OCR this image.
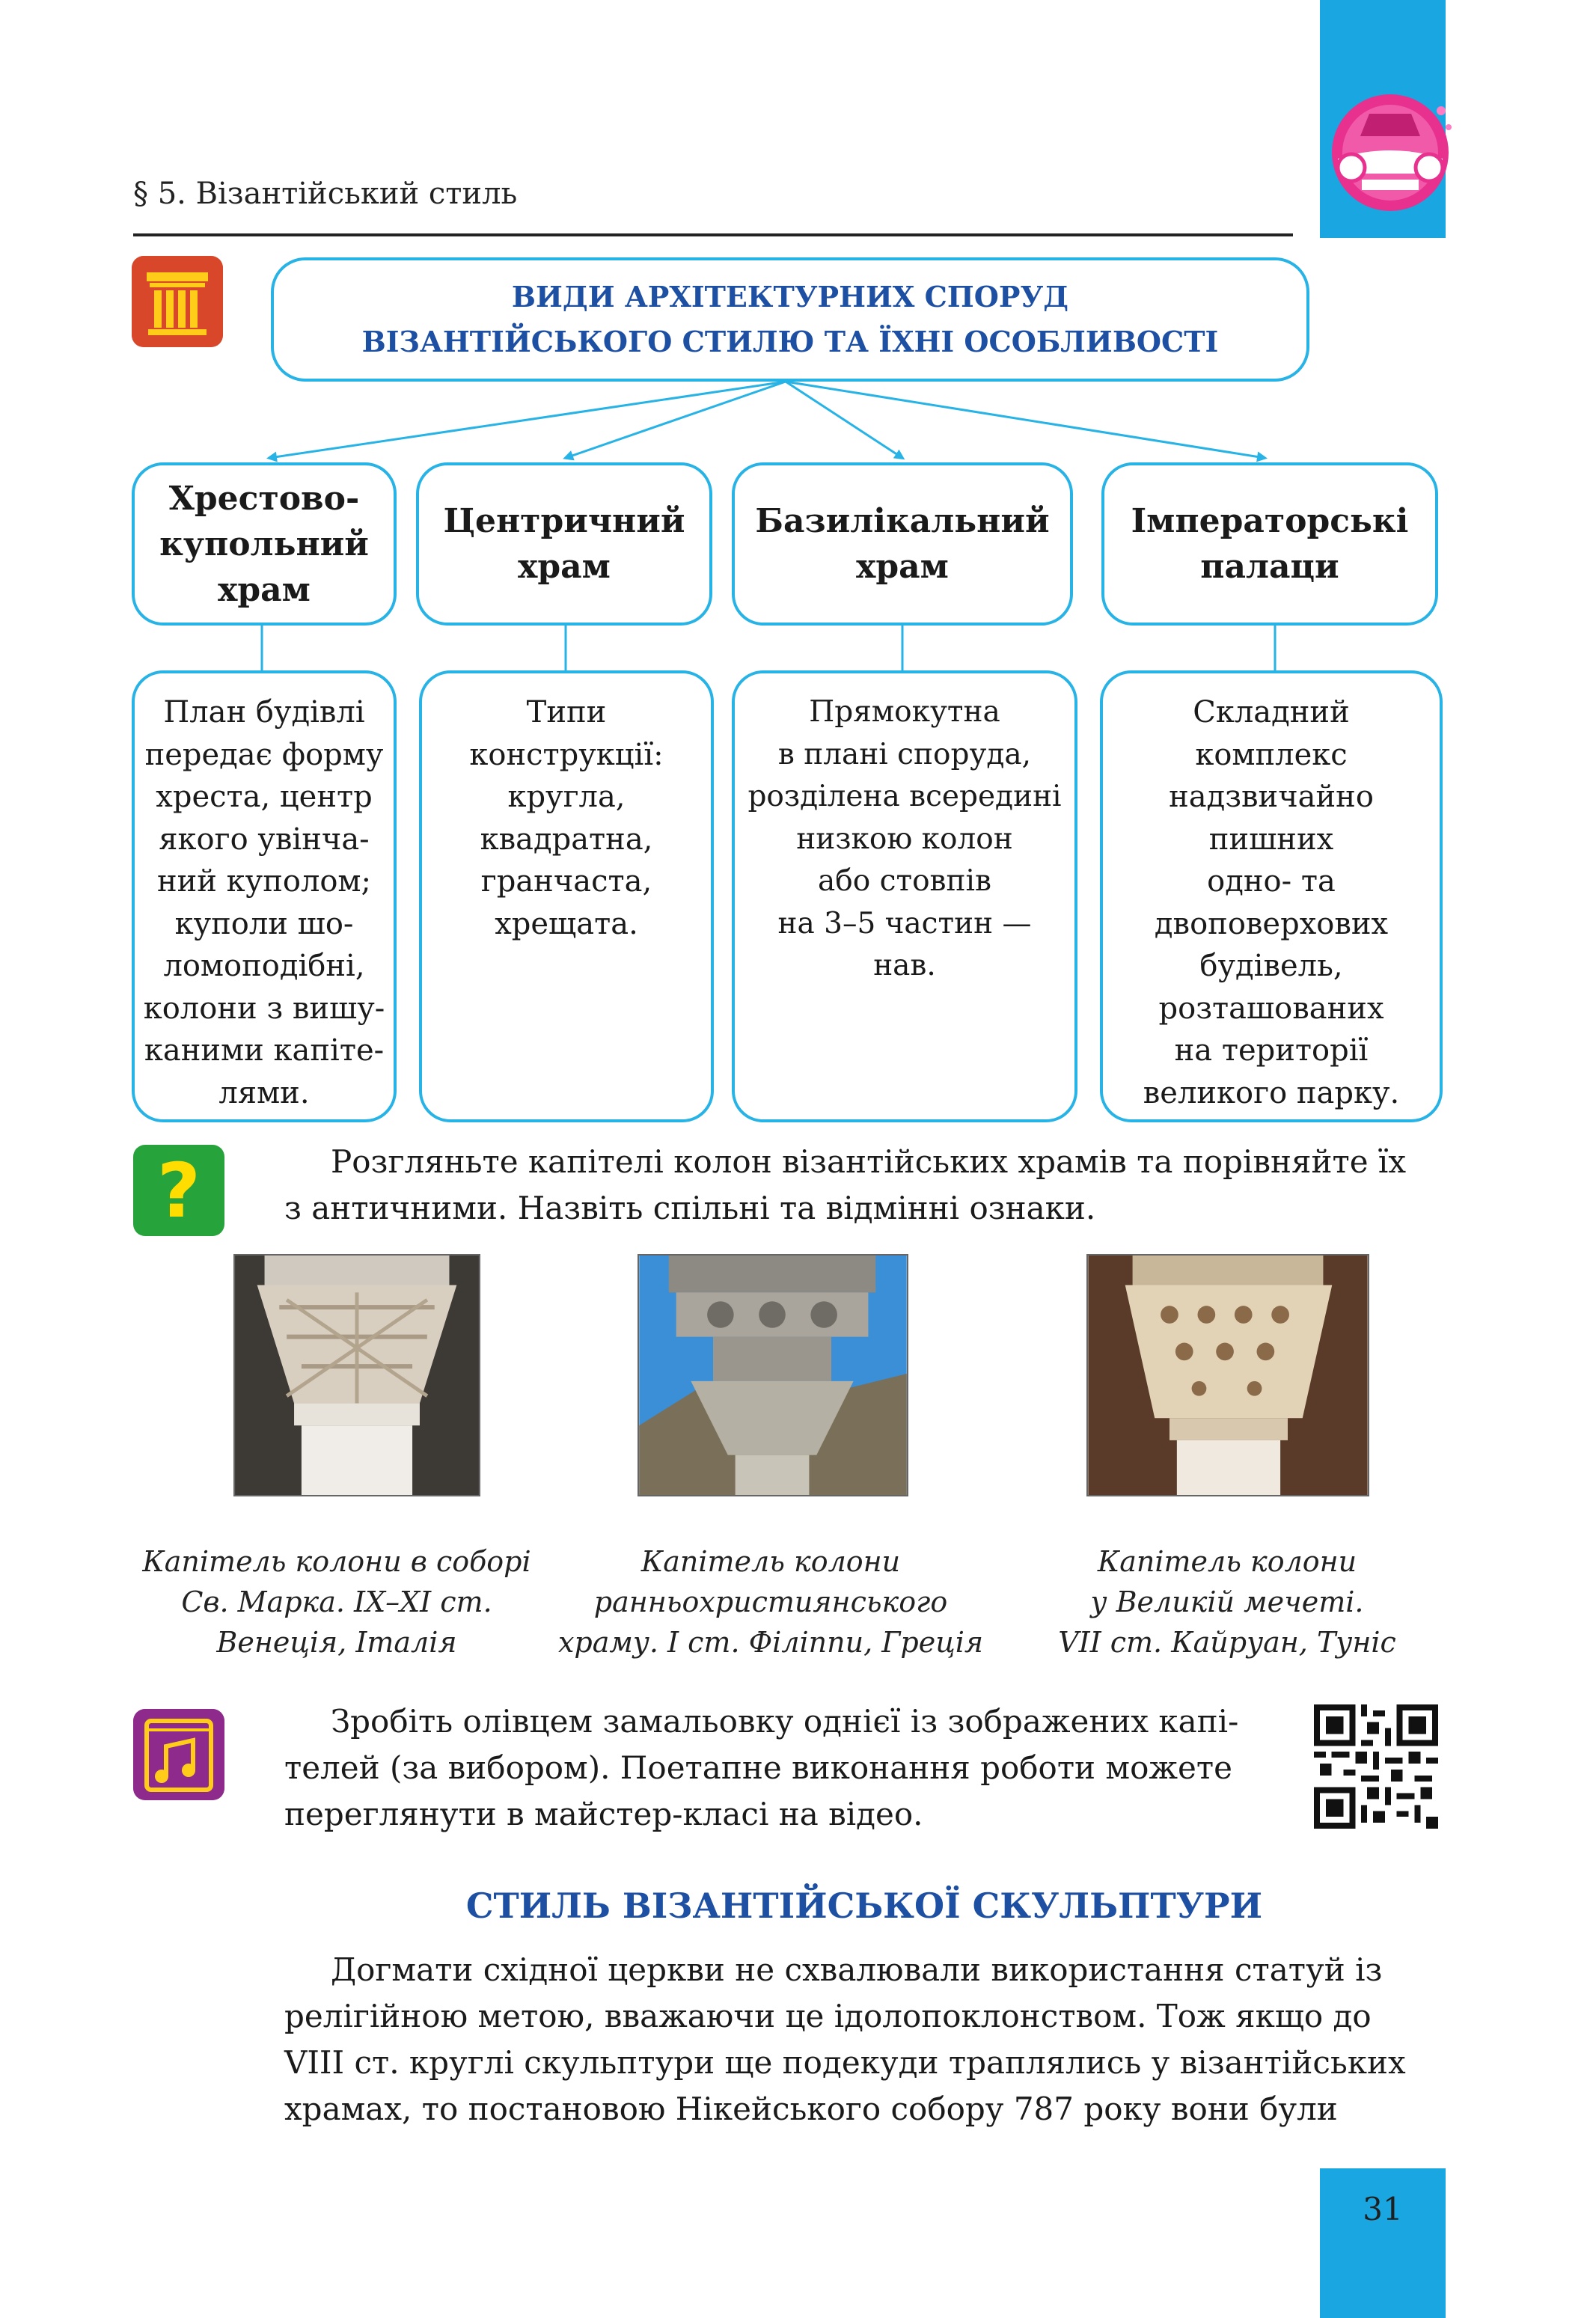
§ 5. Візантійський стиль
ВИДИ АРХІТЕКТУРНИХ СПОРУД
ВІЗАНТІЙСЬКОГО СТИЛЮ ТА ЇХНІ ОСОБЛИВОСТІ
Хрестово-
купольний
храм
Центричний
храм
Базилікальний
храм
Імператорські
палаци
План будівлі
передає форму
хреста, центр
якого увінча-
ний куполом;
куполи шо-
ломоподібні,
колони з вишу-
каними капіте-
лями.
Типи
конструкції:
кругла,
квадратна,
гранчаста,
хрещата.
Прямокутна
в плані споруда,
розділена всередині
низкою колон
або стовпів
на 3–5 частин —
нав.
Складний
комплекс
надзвичайно
пишних
одно- та
двоповерхових
будівель,
розташованих
на території
великого парку.
?	Розгляньте капітелі колон візантійських храмів та порівняйте їх
з античними. Назвіть спільні та відмінні ознаки.
Капітель колони в соборі
Св. Марка. IX–XI ст.
Венеція, Італія
Капітель колони
ранньохристиянського
храму. I ст. Філіппи, Греція
Капітель колони
у Великій мечеті.
VII ст. Кайруан, Туніс
Зробіть олівцем замальовку однієї із зображених капі-
телей (за вибором). Поетапне виконання роботи можете
переглянути в майстер-класі на відео.
СТИЛЬ ВІЗАНТІЙСЬКОЇ СКУЛЬПТУРИ
Догмати східної церкви не схвалювали використання статуй із
релігійною метою, вважаючи це ідолопоклонством. Тож якщо до
VIII ст. круглі скульптури ще подекуди траплялись у візантійських
храмах, то постановою Нікейського собору 787 року вони були
31
